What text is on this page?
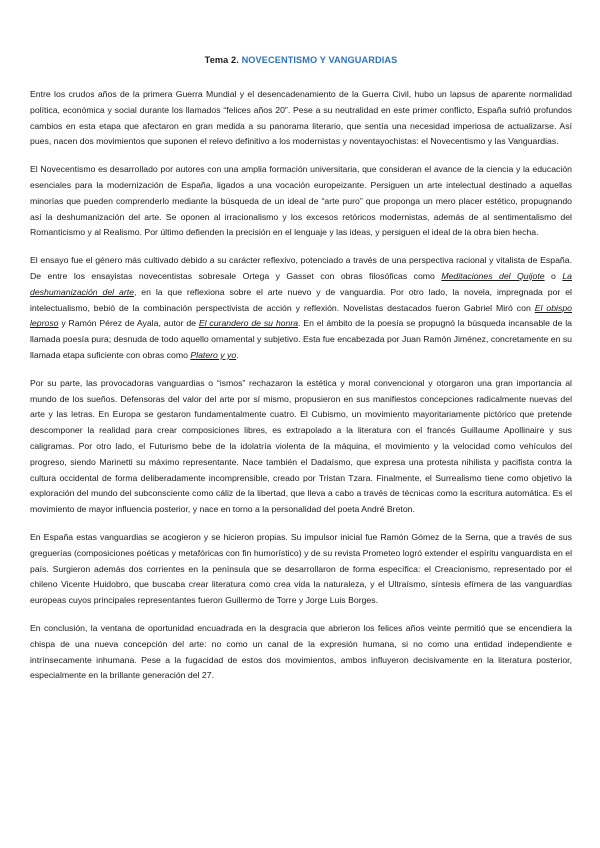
Tema 2. NOVECENTISMO Y VANGUARDIAS

Entre los crudos años de la primera Guerra Mundial y el desencadenamiento de la Guerra Civil, hubo un lapsus de aparente normalidad política, económica y social durante los llamados “felices años 20”. Pese a su neutralidad en este primer conflicto, España sufrió profundos cambios en esta etapa que afectaron en gran medida a su panorama literario, que sentía una necesidad imperiosa de actualizarse. Así pues, nacen dos movimientos que suponen el relevo definitivo a los modernistas y noventayochistas: el Novecentismo y las Vanguardias.

El Novecentismo es desarrollado por autores con una amplia formación universitaria, que consideran el avance de la ciencia y la educación esenciales para la modernización de España, ligados a una vocación europeizante. Persiguen un arte intelectual destinado a aquellas minorías que pueden comprenderlo mediante la búsqueda de un ideal de “arte puro” que proponga un mero placer estético, propugnando así la deshumanización del arte. Se oponen al irracionalismo y los excesos retóricos modernistas, además de al sentimentalismo del Romanticismo y al Realismo. Por último defienden la precisión en el lenguaje y las ideas, y persiguen el ideal de la obra bien hecha.

El ensayo fue el género más cultivado debido a su carácter reflexivo, potenciado a través de una perspectiva racional y vitalista de España. De entre los ensayistas novecentistas sobresale Ortega y Gasset con obras filosóficas como Meditaciones del Quijote o La deshumanización del arte, en la que reflexiona sobre el arte nuevo y de vanguardia. Por otro lado, la novela, impregnada por el intelectualismo, bebió de la combinación perspectivista de acción y reflexión. Novelistas destacados fueron Gabriel Miró con El obispo leproso y Ramón Pérez de Ayala, autor de El curandero de su honra. En el ámbito de la poesía se propugnó la búsqueda incansable de la llamada poesía pura; desnuda de todo aquello ornamental y subjetivo. Esta fue encabezada por Juan Ramón Jiménez, concretamente en su llamada etapa suficiente con obras como Platero y yo.

Por su parte, las provocadoras vanguardias o “ismos” rechazaron la estética y moral convencional y otorgaron una gran importancia al mundo de los sueños. Defensoras del valor del arte por sí mismo, propusieron en sus manifiestos concepciones radicalmente nuevas del arte y las letras. En Europa se gestaron fundamentalmente cuatro. El Cubismo, un movimiento mayoritariamente pictórico que pretende descomponer la realidad para crear composiciones libres, es extrapolado a la literatura con el francés Guillaume Apollinaire y sus caligramas. Por otro lado, el Futurismo bebe de la idolatría violenta de la máquina, el movimiento y la velocidad como vehículos del progreso, siendo Marinetti su máximo representante. Nace también el Dadaísmo, que expresa una protesta nihilista y pacifista contra la cultura occidental de forma deliberadamente incomprensible, creado por Tristan Tzara. Finalmente, el Surrealismo tiene como objetivo la exploración del mundo del subconsciente como cáliz de la libertad, que lleva a cabo a través de técnicas como la escritura automática. Es el movimiento de mayor influencia posterior, y nace en torno a la personalidad del poeta André Breton.

En España estas vanguardias se acogieron y se hicieron propias. Su impulsor inicial fue Ramón Gómez de la Serna, que a través de sus greguerías (composiciones poéticas y metafóricas con fin humorístico) y de su revista Prometeo logró extender el espíritu vanguardista en el país. Surgieron además dos corrientes en la península que se desarrollaron de forma específica: el Creacionismo, representado por el chileno Vicente Huidobro, que buscaba crear literatura como crea vida la naturaleza, y el Ultraísmo, síntesis efímera de las vanguardias europeas cuyos principales representantes fueron Guillermo de Torre y Jorge Luis Borges.

En conclusión, la ventana de oportunidad encuadrada en la desgracia que abrieron los felices años veinte permitió que se encendiera la chispa de una nueva concepción del arte: no como un canal de la expresión humana, si no como una entidad independiente e intrínsecamente inhumana. Pese a la fugacidad de estos dos movimientos, ambos influyeron decisivamente en la literatura posterior, especialmente en la brillante generación del 27.
